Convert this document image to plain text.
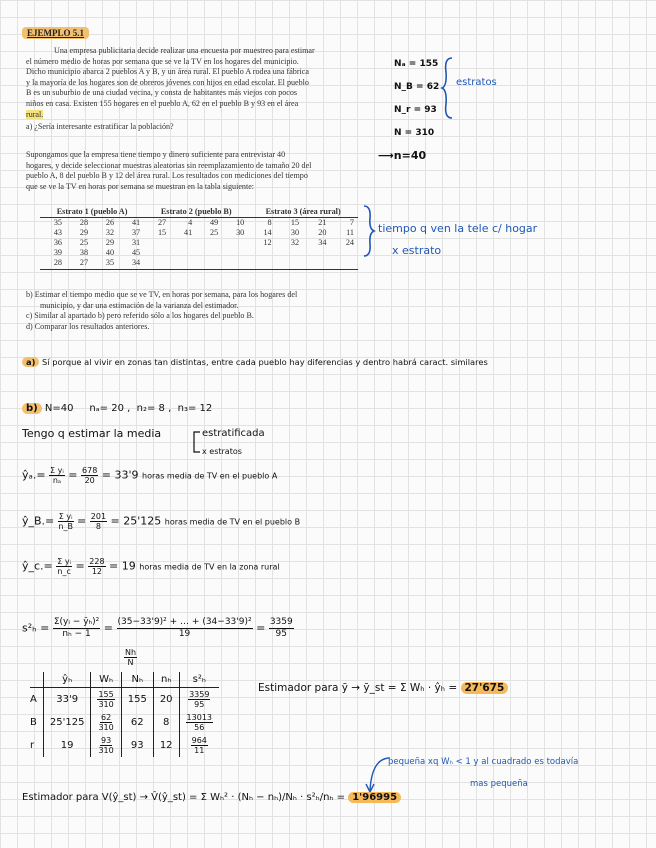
EJEMPLO 5.1

Una empresa publicitaria decide realizar una encuesta por muestreo para estimar

el número medio de horas por semana que se ve la TV en los hogares del municipio.

Dicho municipio abarca 2 pueblos A y B, y un área rural. El pueblo A rodea una fábrica

y la mayoría de los hogares son de obreros jóvenes con hijos en edad escolar. El pueblo

B es un suburbio de una ciudad vecina, y consta de habitantes más viejos con pocos

niños en casa. Existen 155 hogares en el pueblo A, 62 en el pueblo B y 93 en el área

rural.

a) ¿Sería interesante estratificar la población?
Nₐ = 155
N_B = 62
N_r = 93
N = 310
estratos

Supongamos que la empresa tiene tiempo y dinero suficiente para entrevistar 40

hogares, y decide seleccionar muestras aleatorias sin reemplazamiento de tamaño 20 del

pueblo A, 8 del pueblo B y 12 del área rural. Los resultados con mediciones del tiempo

que se ve la TV en horas por semana se muestran en la tabla siguiente:

⟶n=40
Estrato 1 (pueblo A)				Estrato 2 (pueblo B)				Estrato 3 (área rural)			
35	28	26	41	27	4	49	10	8	15	21	7
43	29	32	37	15	41	25	30	14	30	20	11
36	25	29	31					12	32	34	24
39	38	40	45								
28	27	35	34								
tiempo q ven la tele c/ hogar
x estrato
b) Estimar el tiempo medio que se ve TV, en horas por semana, para los hogares del
municipio, y dar una estimación de la varianza del estimador.
c) Similar al apartado b) pero referido sólo a los hogares del pueblo B.
d) Comparar los resultados anteriores.
a) Sí porque al vivir en zonas tan distintas, entre cada pueblo hay diferencias y dentro habrá caract. similares
b) N=40     nₐ= 20 ,  n₂= 8 ,  n₃= 12
Tengo q estimar la media	estratificada
x estratos
ŷₐ.= $\frac{\text{Σ yᵢ}}{\text{nₐ}} = \frac{678}{20} = 33'9$ horas media de TV en el pueblo A
ŷ_B.= $\frac{\text{Σ yᵢ}}{n\_B} = \frac{201}{8} = 25'125$ horas media de TV en el pueblo B
ŷ_c.= $\frac{\text{Σ yᵢ}}{n\_c} = \frac{228}{12} = 19$ horas media de TV en la zona rural
$s^2_h = \frac{\text{Σ(yᵢ − ȳₕ)²}}{\text{nₕ − 1}} = \frac{\text{(35−33'9)² + … + (34−33'9)²}}{19} = \frac{3359}{95}$
$\frac{Nh}{N}$
	ŷₕ	Wₕ	Nₕ	nₕ	s²ₕ
A	33'9	$\frac{155}{310}$	155	20	$\frac{3359}{95}$

B	25'125	$\frac{62}{310}$	62	8	$\frac{13013}{56}$

r	19	$\frac{93}{310}$	93	12	$\frac{964}{11}$
Estimador para ȳ → ȳ_st = Σ Wₕ · ŷₕ = 27'675
pequeña xq Wₕ < 1 y al cuadrado es todavía
mas pequeña
Estimador para V(ŷ_st) → V̂(ŷ_st) = Σ Wₕ² · (Nₕ − nₕ)/Nₕ · s²ₕ/nₕ = 1'96995
